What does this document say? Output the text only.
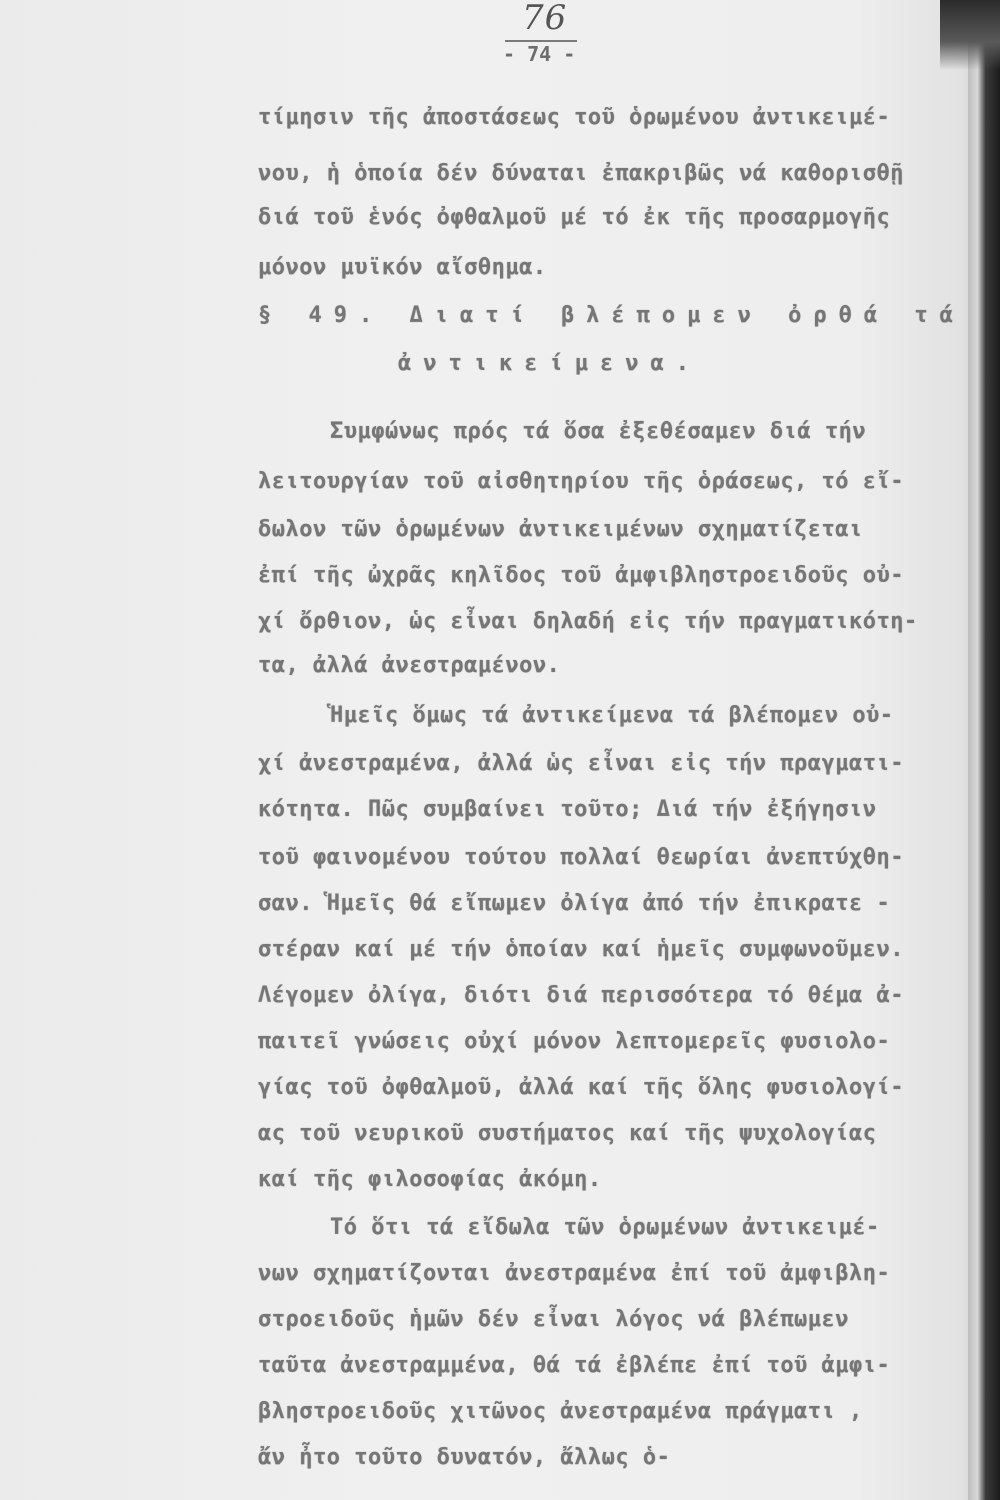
76
- 74 -
τίμησιν τῆς ἀποστάσεως τοῦ ὁρωμένου ἀντικειμέ-
νου, ἡ ὁποία δέν δύναται ἐπακριβῶς νά καθορισθῇ
διά τοῦ ἑνός ὀφθαλμοῦ μέ τό ἐκ τῆς προσαρμογῆς
μόνον μυϊκόν αἴσθημα.
§ 49. Διατί βλέπομεν ὀρθά τά
ἀντικείμενα.
Συμφώνως πρός τά ὅσα ἐξεθέσαμεν διά τήν
λειτουργίαν τοῦ αἰσθητηρίου τῆς ὁράσεως, τό εἴ-
δωλον τῶν ὁρωμένων ἀντικειμένων σχηματίζεται
ἐπί τῆς ὠχρᾶς κηλῖδος τοῦ ἀμφιβληστροειδοῦς οὐ-
χί ὄρθιον, ὡς εἶναι δηλαδή εἰς τήν πραγματικότη-
τα, ἀλλά ἀνεστραμένον.
Ἡμεῖς ὅμως τά ἀντικείμενα τά βλέπομεν οὐ-
χί ἀνεστραμένα, ἀλλά ὡς εἶναι εἰς τήν πραγματι-
κότητα. Πῶς συμβαίνει τοῦτο; Διά τήν ἐξήγησιν
τοῦ φαινομένου τούτου πολλαί θεωρίαι ἀνεπτύχθη-
σαν. Ἡμεῖς θά εἴπωμεν ὀλίγα ἀπό τήν ἐπικρατε -
στέραν καί μέ τήν ὁποίαν καί ἡμεῖς συμφωνοῦμεν.
Λέγομεν ὀλίγα, διότι διά περισσότερα τό θέμα ἀ-
παιτεῖ γνώσεις οὐχί μόνον λεπτομερεῖς φυσιολο-
γίας τοῦ ὀφθαλμοῦ, ἀλλά καί τῆς ὅλης φυσιολογί-
ας τοῦ νευρικοῦ συστήματος καί τῆς ψυχολογίας
καί τῆς φιλοσοφίας ἀκόμη.
Τό ὅτι τά εἴδωλα τῶν ὁρωμένων ἀντικειμέ-
νων σχηματίζονται ἀνεστραμένα ἐπί τοῦ ἀμφιβλη-
στροειδοῦς ἡμῶν δέν εἶναι λόγος νά βλέπωμεν
ταῦτα ἀνεστραμμένα, θά τά ἐβλέπε ἐπί τοῦ ἀμφι-
βληστροειδοῦς χιτῶνος ἀνεστραμένα πράγματι ,
ἄν ἦτο τοῦτο δυνατόν, ἄλλως ὁ-
